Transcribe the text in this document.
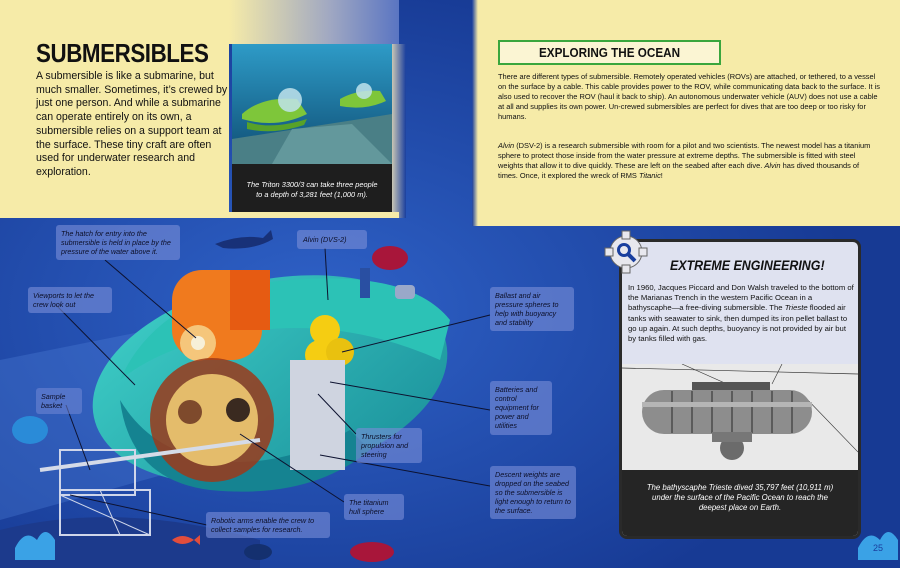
SUBMERSIBLES

A submersible is like a submarine, but much smaller. Sometimes, it’s crewed by just one person. And while a submarine can operate entirely on its own, a submersible relies on a support team at the surface. These tiny craft are often used for underwater research and exploration.

The Triton 3300/3 can take three people to a depth of 3,281 feet (1,000 m).
EXPLORING THE OCEAN

There are different types of submersible. Remotely operated vehicles (ROVs) are attached, or tethered, to a vessel on the surface by a cable. This cable provides power to the ROV, while communicating data back to the surface. It is also used to recover the ROV (haul it back to ship). An autonomous underwater vehicle (AUV) does not use a cable at all and supplies its own power. Un-crewed submersibles are perfect for dives that are too deep or too risky for humans.

Alvin (DSV-2) is a research submersible with room for a pilot and two scientists. The newest model has a titanium sphere to protect those inside from the water pressure at extreme depths. The submersible is fitted with steel weights that allow it to dive quickly. These are left on the seabed after each dive. Alvin has dived thousands of times. Once, it explored the wreck of RMS Titanic!

The hatch for entry into the submersible is held in place by the pressure of the water above it.
Alvin (DVS-2)
Viewports to let the crew look out
Ballast and air pressure spheres to help with buoyancy and stability
Sample basket
Batteries and control equipment for power and utilities
Thrusters for propulsion and steering
Descent weights are dropped on the seabed so the submersible is light enough to return to the surface.
The titanium hull sphere
Robotic arms enable the crew to collect samples for research.
EXTREME ENGINEERING!

In 1960, Jacques Piccard and Don Walsh traveled to the bottom of the Marianas Trench in the western Pacific Ocean in a bathyscaphe—a free-diving submersible. The Trieste flooded air tanks with seawater to sink, then dumped its iron pellet ballast to go up again. At such depths, buoyancy is not provided by air but by tanks filled with gas.

The bathyscaphe Trieste dived 35,797 feet (10,911 m) under the surface of the Pacific Ocean to reach the deepest place on Earth.
25
